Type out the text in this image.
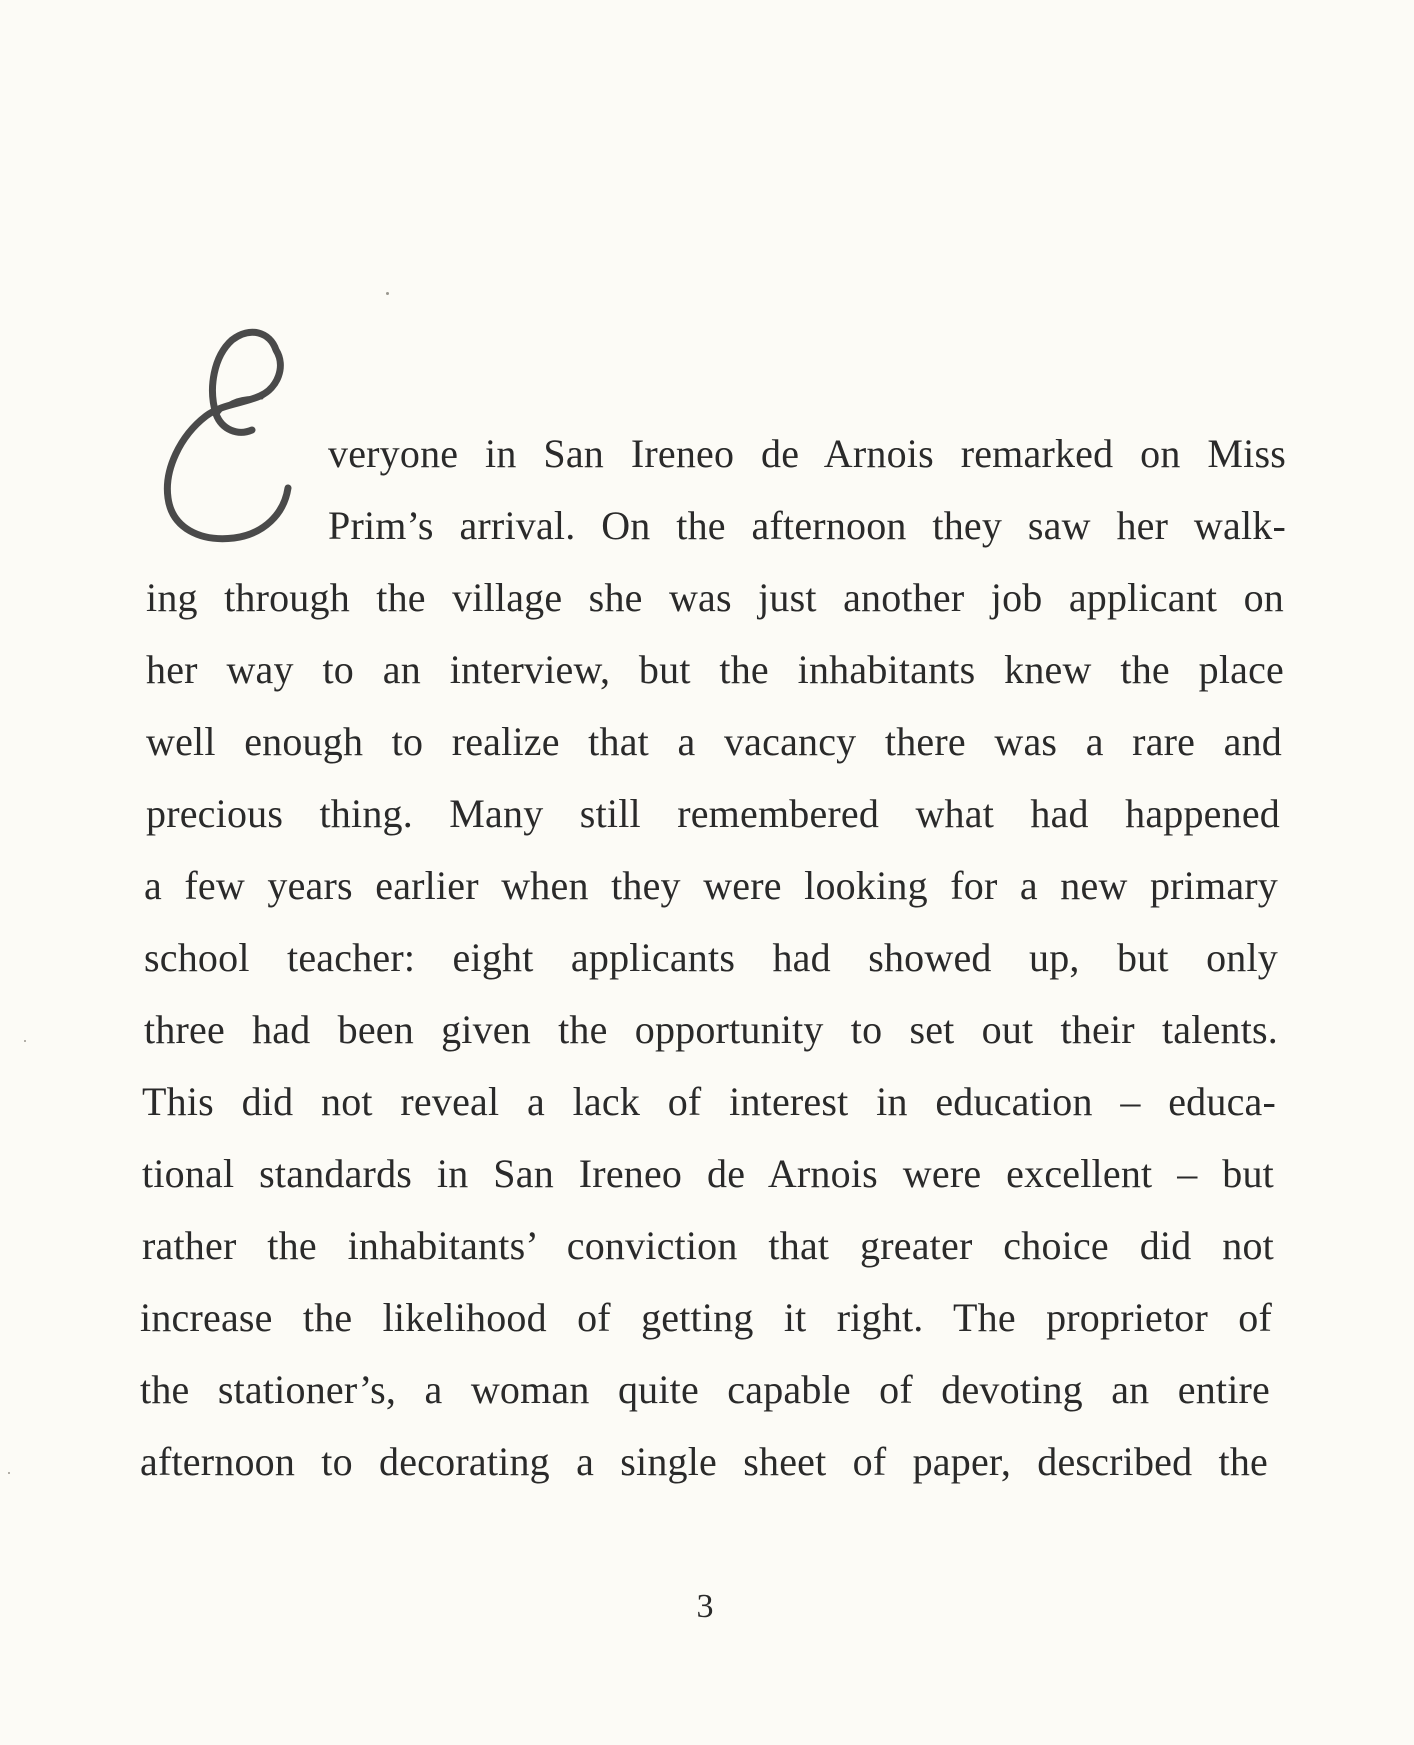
veryone in San Ireneo de Arnois remarked on Miss
Prim’s arrival. On the afternoon they saw her walk-
ing through the village she was just another job applicant on
her way to an interview, but the inhabitants knew the place
well enough to realize that a vacancy there was a rare and
precious thing. Many still remembered what had happened
a few years earlier when they were looking for a new primary
school teacher: eight applicants had showed up, but only
three had been given the opportunity to set out their talents.
This did not reveal a lack of interest in education – educa-
tional standards in San Ireneo de Arnois were excellent – but
rather the inhabitants’ conviction that greater choice did not
increase the likelihood of getting it right. The proprietor of
the stationer’s, a woman quite capable of devoting an entire
afternoon to decorating a single sheet of paper, described the
3
